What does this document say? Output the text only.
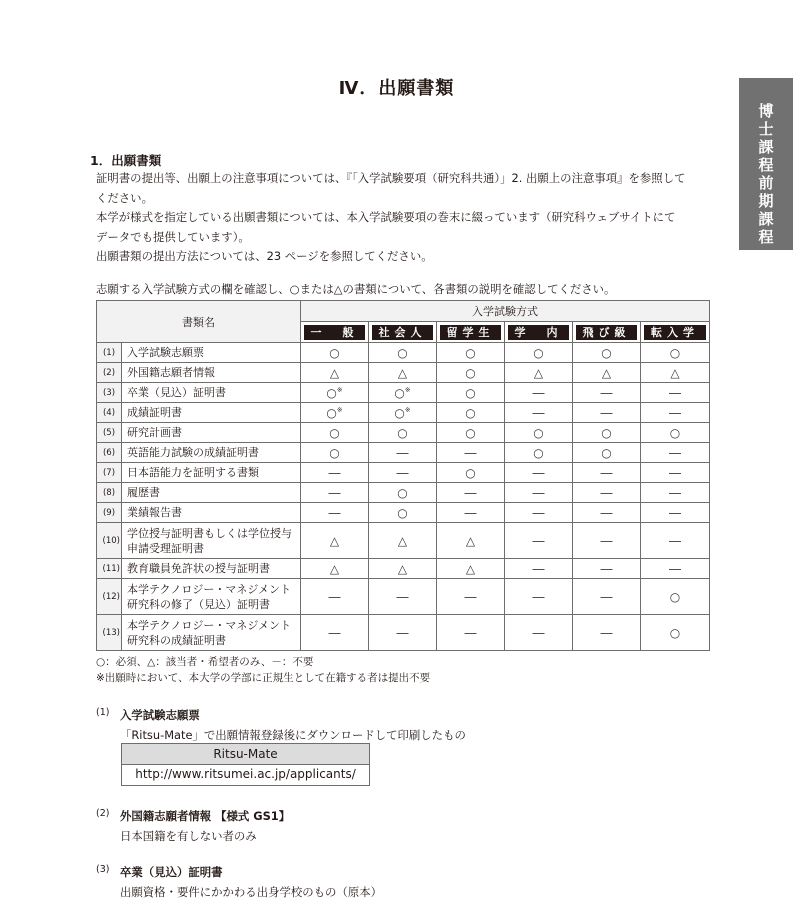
Ⅳ．出願書類
博士課程前期課程
1．出願書類

証明書の提出等、出願上の注意事項については、『「入学試験要項（研究科共通）」2. 出願上の注意事項』を参照して

ください。

本学が様式を指定している出願書類については、本入学試験要項の巻末に綴っています（研究科ウェブサイトにて

データでも提供しています）。

出願書類の提出方法については、23 ページを参照してください。

志願する入学試験方式の欄を確認し、○または△の書類について、各書類の説明を確認してください。
書類名		入学試験方式					

		一　般	社会人	留学生	学　内	飛び級	転入学

(1)	入学試験志願票	○	○	○	○	○	○
(2)	外国籍志願者情報	△	△	○	△	△	△
(3)	卒業（見込）証明書	○※	○※	○	―	―	―
(4)	成績証明書	○※	○※	○	―	―	―
(5)	研究計画書	○	○	○	○	○	○
(6)	英語能力試験の成績証明書	○	―	―	○	○	―
(7)	日本語能力を証明する書類	―	―	○	―	―	―
(8)	履歴書	―	○	―	―	―	―
(9)	業績報告書	―	○	―	―	―	―
(10)	学位授与証明書もしくは学位授与申請受理証明書	△	△	△	―	―	―
(11)	教育職員免許状の授与証明書	△	△	△	―	―	―
(12)	本学テクノロジー・マネジメント研究科の修了（見込）証明書	―	―	―	―	―	○
(13)	本学テクノロジー・マネジメント研究科の成績証明書	―	―	―	―	―	○
○：必須、△：該当者・希望者のみ、－：不要
※出願時において、本大学の学部に正規生として在籍する者は提出不要
(1) 入学試験志願票
「Ritsu-Mate」で出願情報登録後にダウンロードして印刷したもの
Ritsu-Mate
http://www.ritsumei.ac.jp/applicants/
(2) 外国籍志願者情報 【様式 GS1】
日本国籍を有しない者のみ
(3) 卒業（見込）証明書
出願資格・要件にかかわる出身学校のもの（原本）
